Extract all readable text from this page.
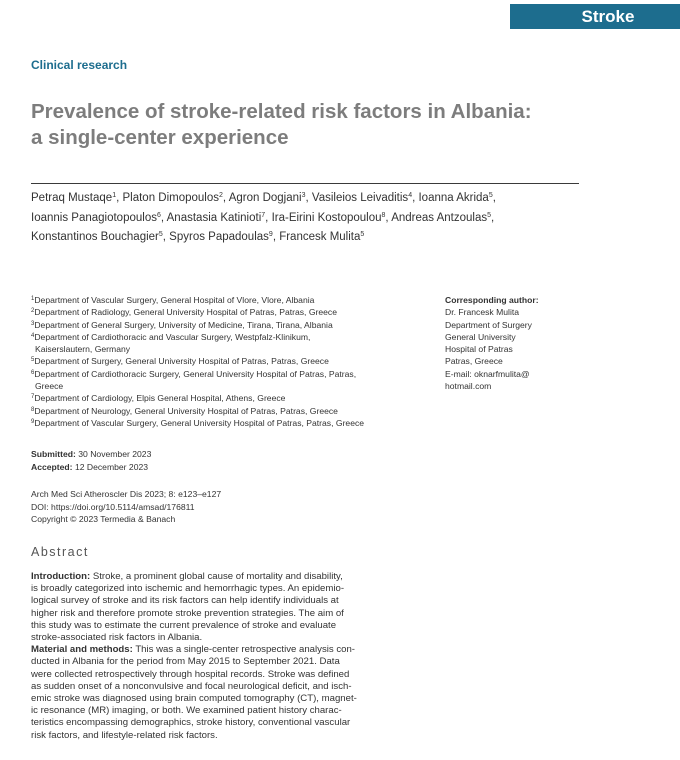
Stroke
Clinical research
Prevalence of stroke-related risk factors in Albania:
a single-center experience
Petraq Mustaqe$^1$, Platon Dimopoulos$^2$, Agron Dogjani$^3$, Vasileios Leivaditis$^4$, Ioanna Akrida$^5$,
Ioannis Panagiotopoulos$^6$, Anastasia Katinioti$^7$, Ira-Eirini Kostopoulou$^8$, Andreas Antzoulas$^5$,
Konstantinos Bouchagier$^5$, Spyros Papadoulas$^9$, Francesk Mulita$^5$
$^1$Department of Vascular Surgery, General Hospital of Vlore, Vlore, Albania
$^2$Department of Radiology, General University Hospital of Patras, Patras, Greece
$^3$Department of General Surgery, University of Medicine, Tirana, Tirana, Albania
$^4$Department of Cardiothoracic and Vascular Surgery, Westpfalz-Klinikum,
Kaiserslautern, Germany
$^5$Department of Surgery, General University Hospital of Patras, Patras, Greece
$^6$Department of Cardiothoracic Surgery, General University Hospital of Patras, Patras,
Greece
$^7$Department of Cardiology, Elpis General Hospital, Athens, Greece
$^8$Department of Neurology, General University Hospital of Patras, Patras, Greece
$^9$Department of Vascular Surgery, General University Hospital of Patras, Patras, Greece
Corresponding author:
Dr. Francesk Mulita
Department of Surgery
General University
Hospital of Patras
Patras, Greece
E-mail: oknarfmulita@
hotmail.com
Submitted: 30 November 2023
Accepted: 12 December 2023
Arch Med Sci Atheroscler Dis 2023; 8: e123–e127
DOI: https://doi.org/10.5114/amsad/176811
Copyright © 2023 Termedia & Banach
Abstract
Introduction: Stroke, a prominent global cause of mortality and disability,
is broadly categorized into ischemic and hemorrhagic types. An epidemio-
logical survey of stroke and its risk factors can help identify individuals at
higher risk and therefore promote stroke prevention strategies. The aim of
this study was to estimate the current prevalence of stroke and evaluate
stroke-associated risk factors in Albania.
Material and methods: This was a single-center retrospective analysis con-
ducted in Albania for the period from May 2015 to September 2021. Data
were collected retrospectively through hospital records. Stroke was defined
as sudden onset of a nonconvulsive and focal neurological deficit, and isch-
emic stroke was diagnosed using brain computed tomography (CT), magnet-
ic resonance (MR) imaging, or both. We examined patient history charac-
teristics encompassing demographics, stroke history, conventional vascular
risk factors, and lifestyle-related risk factors.
